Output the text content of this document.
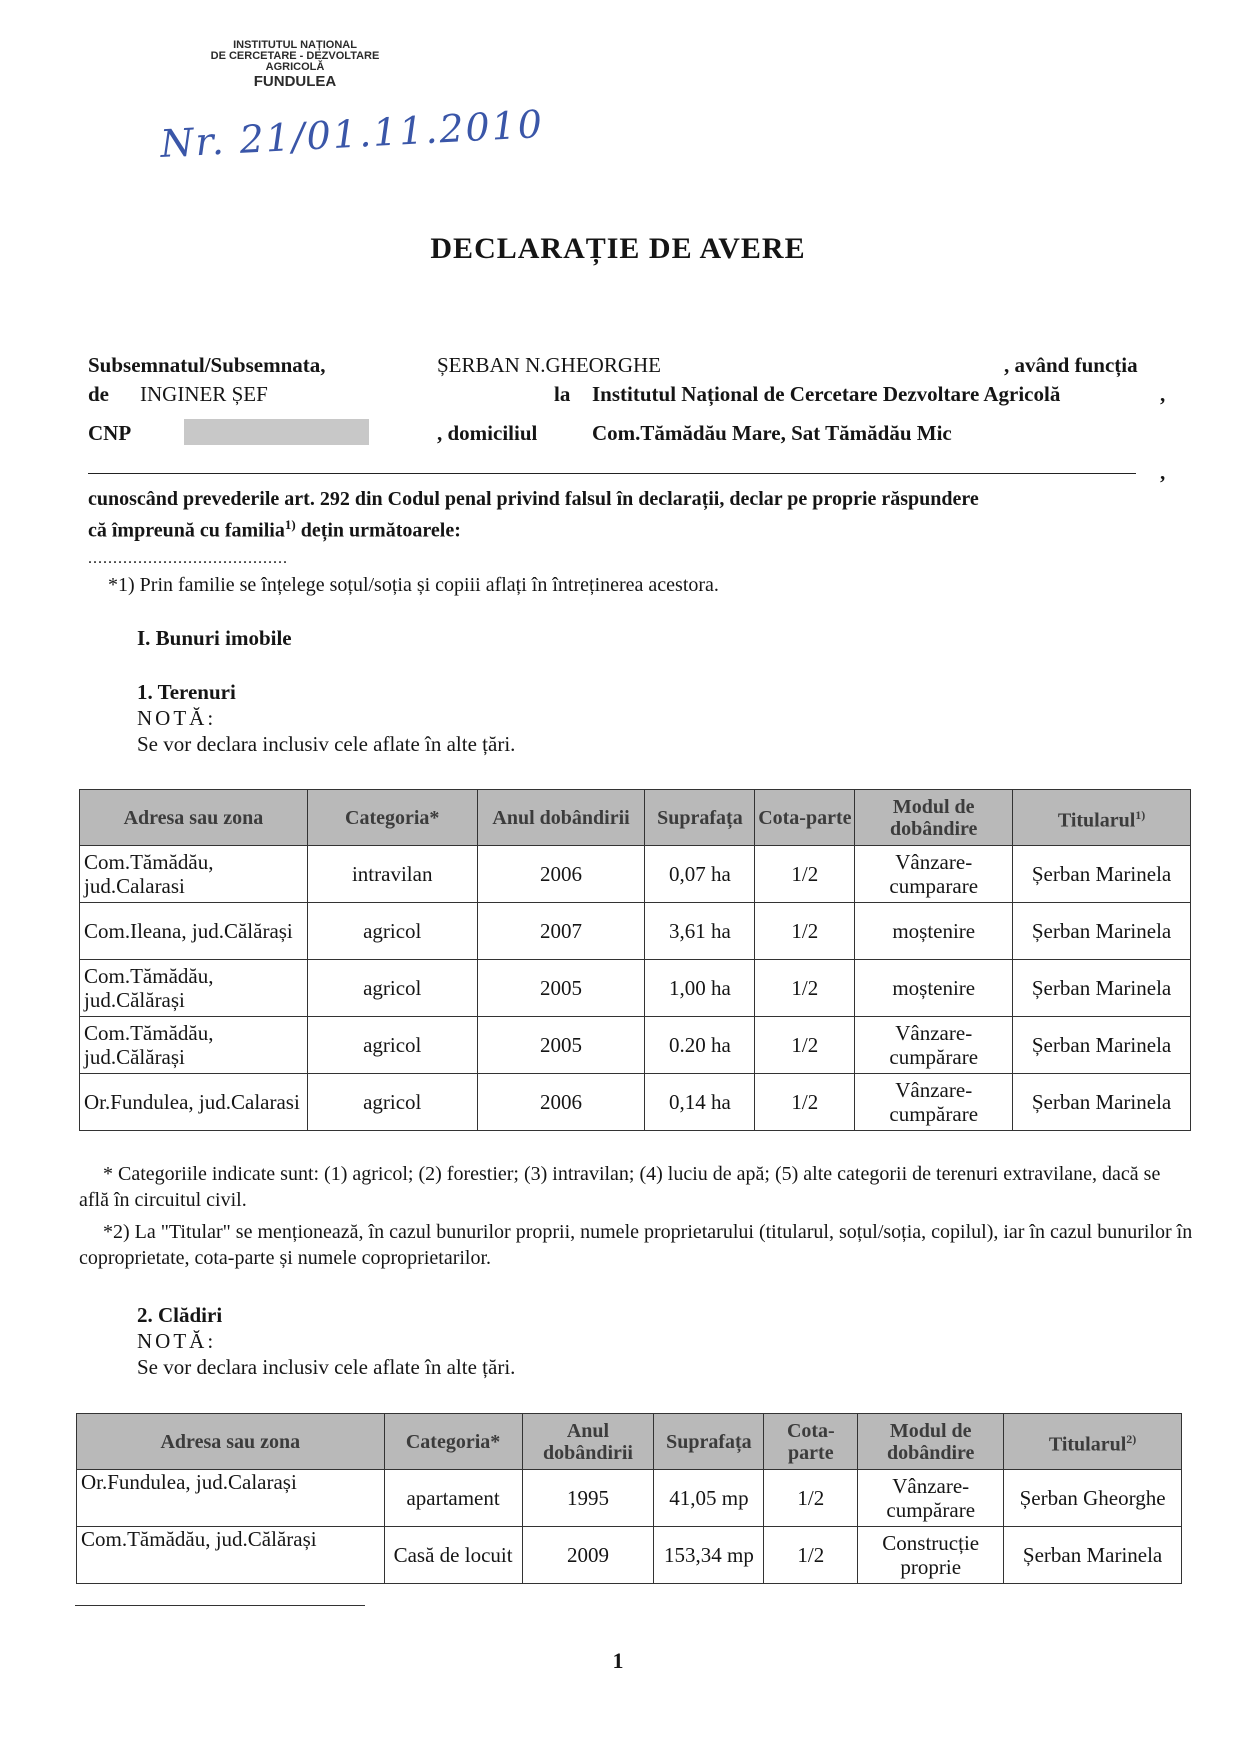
INSTITUTUL NAȚIONAL
DE CERCETARE - DEZVOLTARE
AGRICOLĂ
FUNDULEA
Nr. 21/01.11.2010
DECLARAȚIE DE AVERE
Subsemnatul/Subsemnata,	ȘERBAN N.GHEORGHE	, având funcția
de INGINER ȘEF	la Institutul Național de Cercetare Dezvoltare Agricolă	,
CNP	, domiciliul	Com.Tămădău Mare, Sat Tămădău Mic
,
cunoscând prevederile art. 292 din Codul penal privind falsul în declarații, declar pe proprie răspundere
că împreună cu familia$^{1)}$ dețin următoarele:
........................................
*1) Prin familie se înțelege soțul/soția și copiii aflați în întreținerea acestora.
I. Bunuri imobile
1. Terenuri
NOTĂ:
Se vor declara inclusiv cele aflate în alte țări.
Adresa sau zona	Categoria*	Anul dobândirii	Suprafața	Cota-parte	Modul de dobândire	Titularul$^{1)}$
Com.Tămădău, jud.Calarasi	intravilan	2006	0,07 ha	1/2	Vânzare-cumparare	Șerban Marinela
Com.Ileana, jud.Călărași	agricol	2007	3,61 ha	1/2	moștenire	Șerban Marinela
Com.Tămădău, jud.Călărași	agricol	2005	1,00 ha	1/2	moștenire	Șerban Marinela
Com.Tămădău, jud.Călărași	agricol	2005	0.20 ha	1/2	Vânzare-cumpărare	Șerban Marinela
Or.Fundulea, jud.Calarasi	agricol	2006	0,14 ha	1/2	Vânzare-cumpărare	Șerban Marinela
* Categoriile indicate sunt: (1) agricol; (2) forestier; (3) intravilan; (4) luciu de apă; (5) alte categorii de terenuri extravilane, dacă se află în circuitul civil.
*2) La "Titular" se menționează, în cazul bunurilor proprii, numele proprietarului (titularul, soțul/soția, copilul), iar în cazul bunurilor în coproprietate, cota-parte și numele coproprietarilor.
2. Clădiri
NOTĂ:
Se vor declara inclusiv cele aflate în alte țări.
Adresa sau zona	Categoria*	Anul dobândirii	Suprafața	Cota-parte	Modul de dobândire	Titularul$^{2)}$
Or.Fundulea, jud.Calarași	apartament	1995	41,05 mp	1/2	Vânzare-cumpărare	Șerban Gheorghe
Com.Tămădău, jud.Călărași	Casă de locuit	2009	153,34 mp	1/2	Construcție proprie	Șerban Marinela
1
